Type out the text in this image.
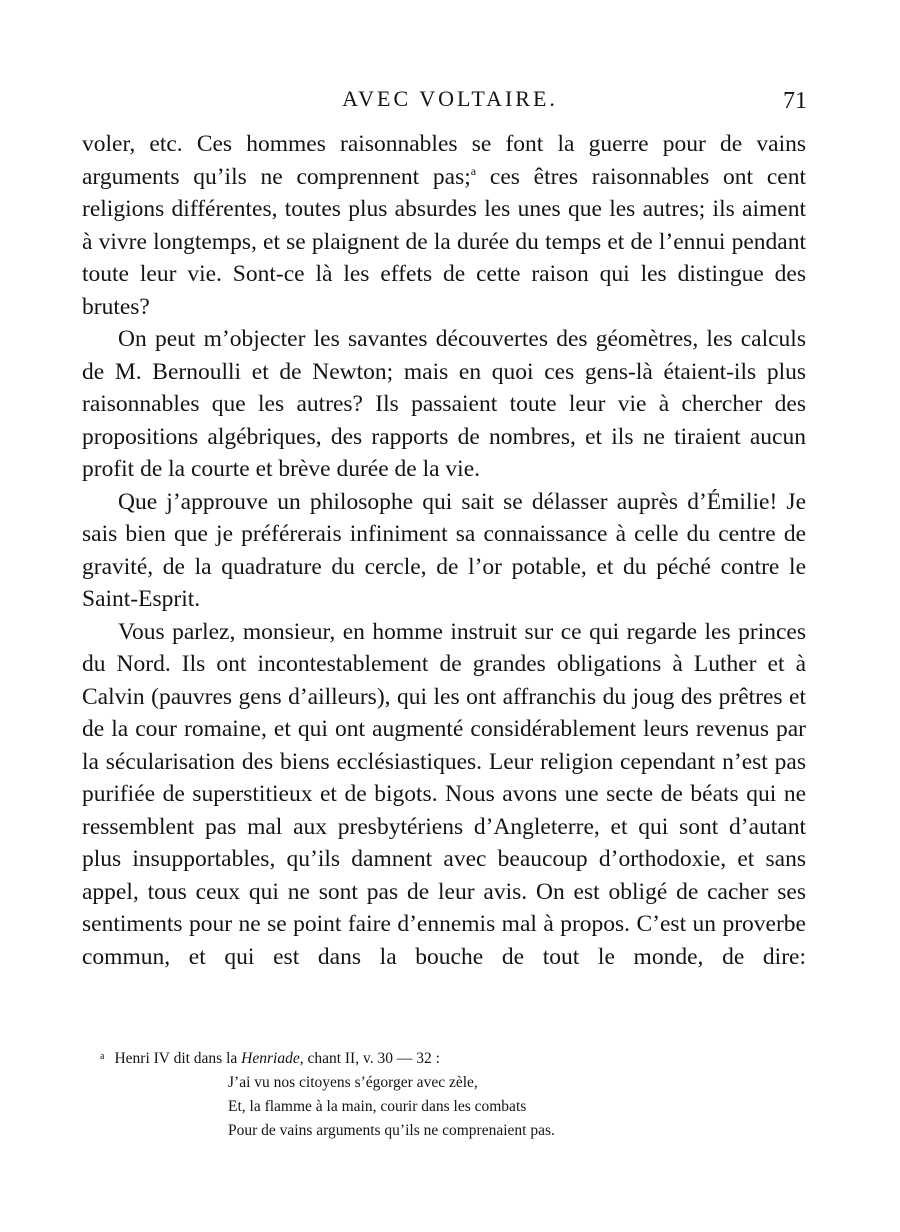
AVEC VOLTAIRE.	71

voler, etc. Ces hommes raisonnables se font la guerre pour de vains arguments qu’ils ne comprennent pas;$^a$ ces êtres raisonnables ont cent religions différentes, toutes plus absurdes les unes que les autres; ils aiment à vivre longtemps, et se plaignent de la durée du temps et de l’ennui pendant toute leur vie. Sont-ce là les effets de cette raison qui les distingue des brutes?

On peut m’objecter les savantes découvertes des géomètres, les calculs de M. Bernoulli et de Newton; mais en quoi ces gens-là étaient-ils plus raisonnables que les autres? Ils passaient toute leur vie à chercher des propositions algébriques, des rapports de nombres, et ils ne tiraient aucun profit de la courte et brève durée de la vie.

Que j’approuve un philosophe qui sait se délasser auprès d’Émilie! Je sais bien que je préférerais infiniment sa connaissance à celle du centre de gravité, de la quadrature du cercle, de l’or potable, et du péché contre le Saint-Esprit.

Vous parlez, monsieur, en homme instruit sur ce qui regarde les princes du Nord. Ils ont incontestablement de grandes obligations à Luther et à Calvin (pauvres gens d’ailleurs), qui les ont affranchis du joug des prêtres et de la cour romaine, et qui ont augmenté considérablement leurs revenus par la sécularisation des biens ecclésiastiques. Leur religion cependant n’est pas purifiée de superstitieux et de bigots. Nous avons une secte de béats qui ne ressemblent pas mal aux presbytériens d’Angleterre, et qui sont d’autant plus insupportables, qu’ils damnent avec beaucoup d’orthodoxie, et sans appel, tous ceux qui ne sont pas de leur avis. On est obligé de cacher ses sentiments pour ne se point faire d’ennemis mal à propos. C’est un proverbe commun, et qui est dans la bouche de tout le monde, de dire:

$^a$ Henri IV dit dans la Henriade, chant II, v. 30 — 32 :
J’ai vu nos citoyens s’égorger avec zèle,
Et, la flamme à la main, courir dans les combats
Pour de vains arguments qu’ils ne comprenaient pas.
